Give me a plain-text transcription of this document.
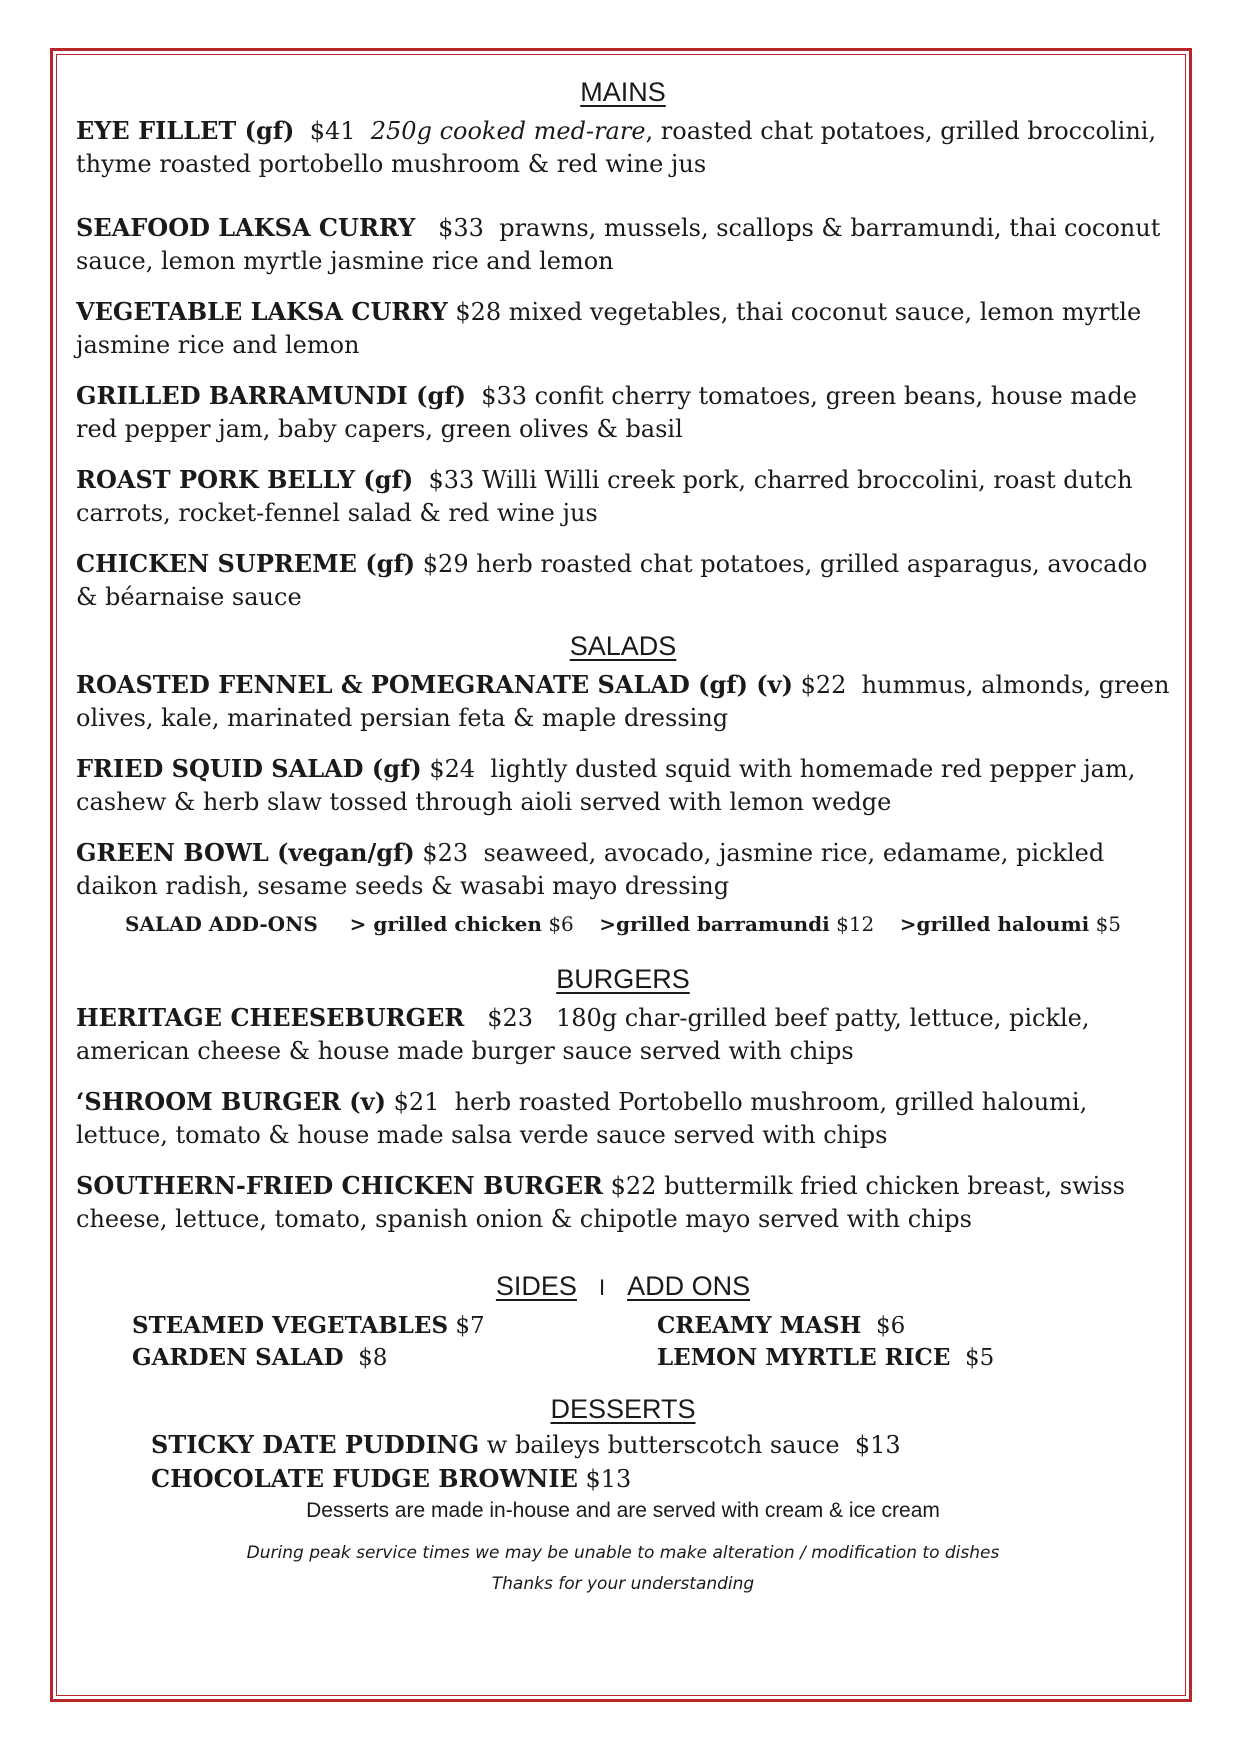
MAINS

EYE FILLET (gf) $41 250g cooked med-rare, roasted chat potatoes, grilled broccolini, thyme roasted portobello mushroom & red wine jus

SEAFOOD LAKSA CURRY $33 prawns, mussels, scallops & barramundi, thai coconut sauce, lemon myrtle jasmine rice and lemon

VEGETABLE LAKSA CURRY $28 mixed vegetables, thai coconut sauce, lemon myrtle jasmine rice and lemon

GRILLED BARRAMUNDI (gf) $33 confit cherry tomatoes, green beans, house made red pepper jam, baby capers, green olives & basil

ROAST PORK BELLY (gf) $33 Willi Willi creek pork, charred broccolini, roast dutch carrots, rocket-fennel salad & red wine jus

CHICKEN SUPREME (gf) $29 herb roasted chat potatoes, grilled asparagus, avocado & béarnaise sauce

SALADS

ROASTED FENNEL & POMEGRANATE SALAD (gf) (v) $22 hummus, almonds, green olives, kale, marinated persian feta & maple dressing

FRIED SQUID SALAD (gf) $24 lightly dusted squid with homemade red pepper jam, cashew & herb slaw tossed through aioli served with lemon wedge

GREEN BOWL (vegan/gf) $23 seaweed, avocado, jasmine rice, edamame, pickled daikon radish, sesame seeds & wasabi mayo dressing

SALAD ADD-ONS > grilled chicken $6 >grilled barramundi $12 >grilled haloumi $5

BURGERS

HERITAGE CHEESEBURGER $23 180g char-grilled beef patty, lettuce, pickle, american cheese & house made burger sauce served with chips

‘SHROOM BURGER (v) $21 herb roasted Portobello mushroom, grilled haloumi, lettuce, tomato & house made salsa verde sauce served with chips

SOUTHERN-FRIED CHICKEN BURGER $22 buttermilk fried chicken breast, swiss cheese, lettuce, tomato, spanish onion & chipotle mayo served with chips

SIDES I ADD ONS

STEAMED VEGETABLES $7	CREAMY MASH $6
GARDEN SALAD $8	LEMON MYRTLE RICE $5

DESSERTS

STICKY DATE PUDDING w baileys butterscotch sauce $13
CHOCOLATE FUDGE BROWNIE $13

Desserts are made in-house and are served with cream & ice cream

During peak service times we may be unable to make alteration / modification to dishes

Thanks for your understanding
